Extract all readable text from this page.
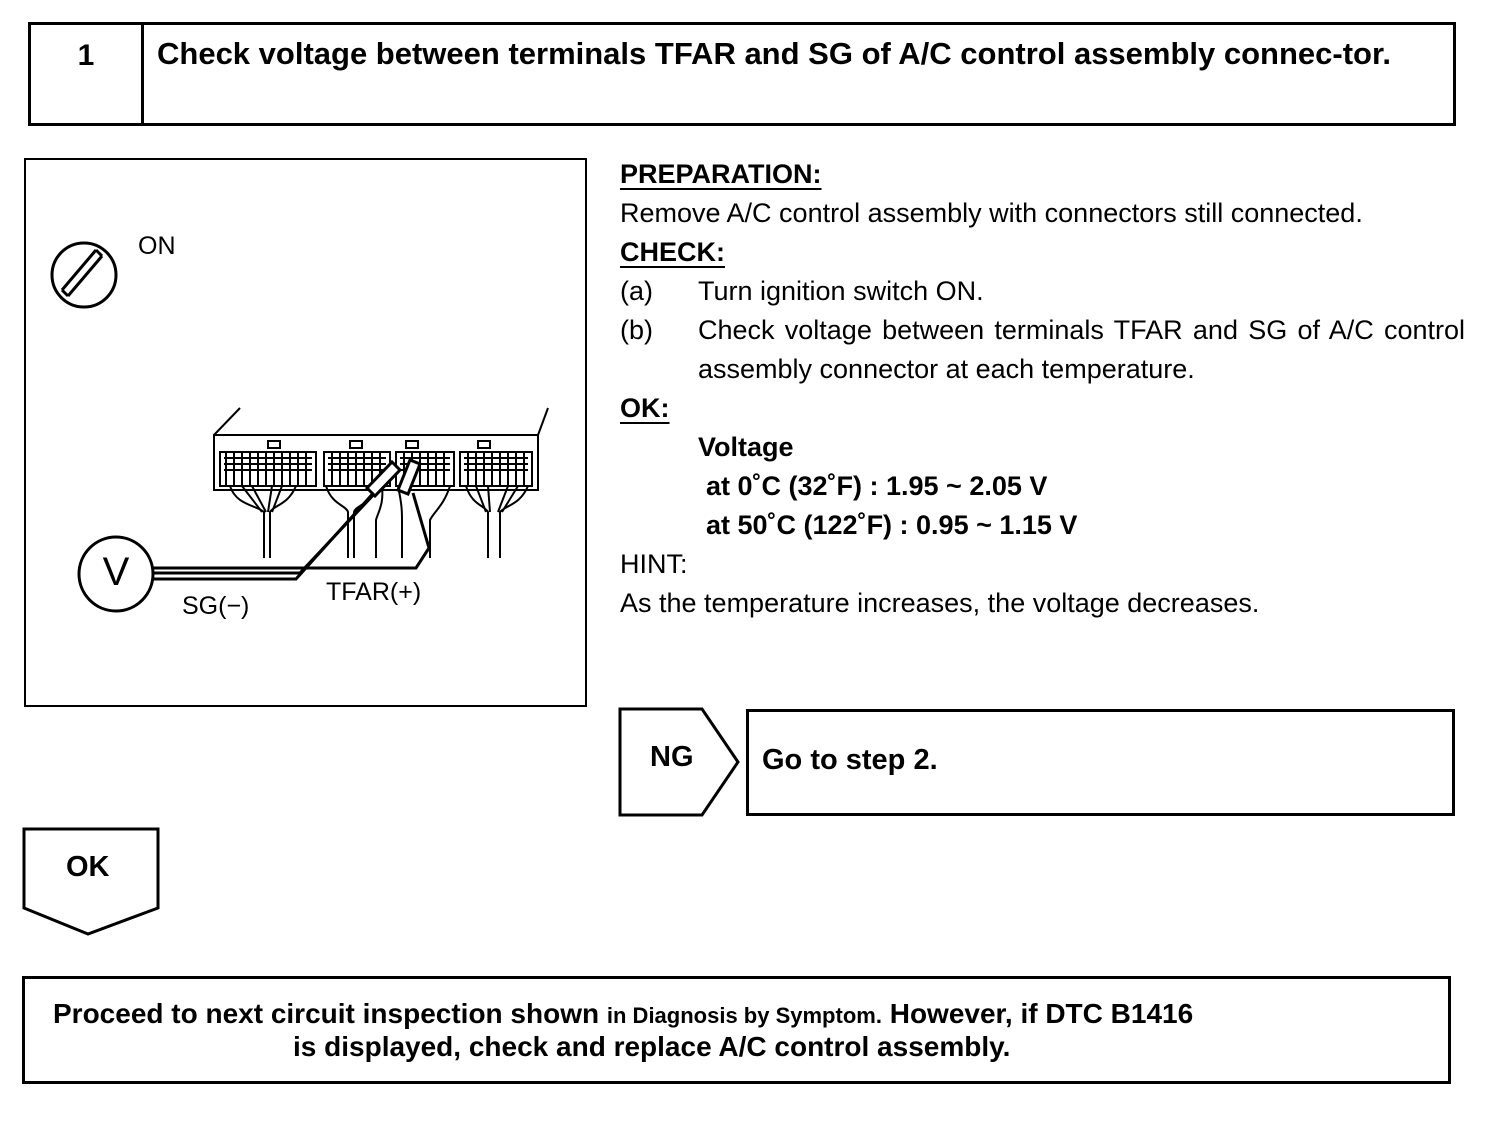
1	Check voltage between terminals TFAR and SG of A/C control assembly connec-tor.
ON
V
SG(−)	TFAR(+)
PREPARATION:
Remove A/C control assembly with connectors still connected.
CHECK:
(a)	Turn ignition switch ON.
(b)	Check voltage between terminals TFAR and SG of A/C control assembly connector at each temperature.
OK:
Voltage
at 0˚C (32˚F) : 1.95 ~ 2.05 V
at 50˚C (122˚F) : 0.95 ~ 1.15 V
HINT:
As the temperature increases, the voltage decreases.
NG	Go to step 2.
OK
Proceed to next circuit inspection shown in Diagnosis by Symptom. However, if DTC B1416
is displayed, check and replace A/C control assembly.
